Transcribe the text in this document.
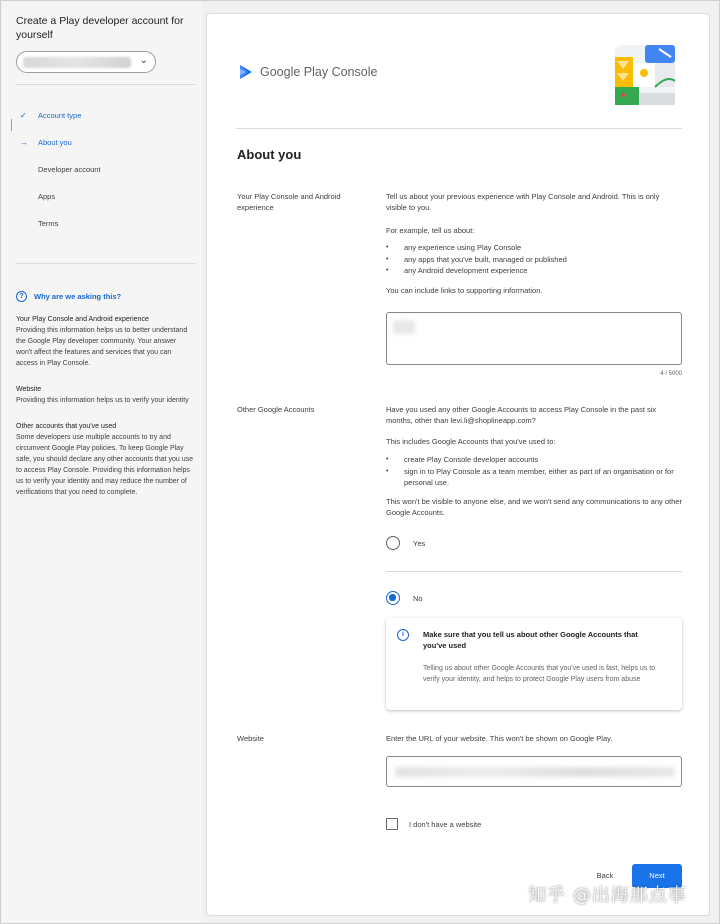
Create a Play developer account for yourself
⌄
✓	Account type
→	About you
Developer account
Apps
Terms
?	Why are we asking this?

Your Play Console and Android experience

Providing this information helps us to better understand the Google Play developer community. Your answer won't affect the features and services that you can access in Play Console.

Website

Providing this information helps us to verify your identity

Other accounts that you've used

Some developers use multiple accounts to try and circumvent Google Play policies. To keep Google Play safe, you should declare any other accounts that you use to access Play Console. Providing this information helps us to verify your identity and may reduce the number of verifications that you need to complete.

Google Play Console
About you
Your Play Console and Android experience
Tell us about your previous experience with Play Console and Android. This is only visible to you.
For example, tell us about:
• any experience using Play Console
• any apps that you've built, managed or published
• any Android development experience
You can include links to supporting information.
4 / 5000
Other Google Accounts	Have you used any other Google Accounts to access Play Console in the past six months, other than levi.li@shoplineapp.com?
This includes Google Accounts that you've used to:
• create Play Console developer accounts
• sign in to Play Console as a team member, either as part of an organisation or for personal use.
This won't be visible to anyone else, and we won't send any communications to any other Google Accounts.
Yes
No
i	Make sure that you tell us about other Google Accounts that you've used
Telling us about other Google Accounts that you've used is fast, helps us to verify your identity, and helps to protect Google Play users from abuse
Website	Enter the URL of your website. This won't be shown on Google Play.
I don't have a website
Back	Next
知乎 @出海那点事
